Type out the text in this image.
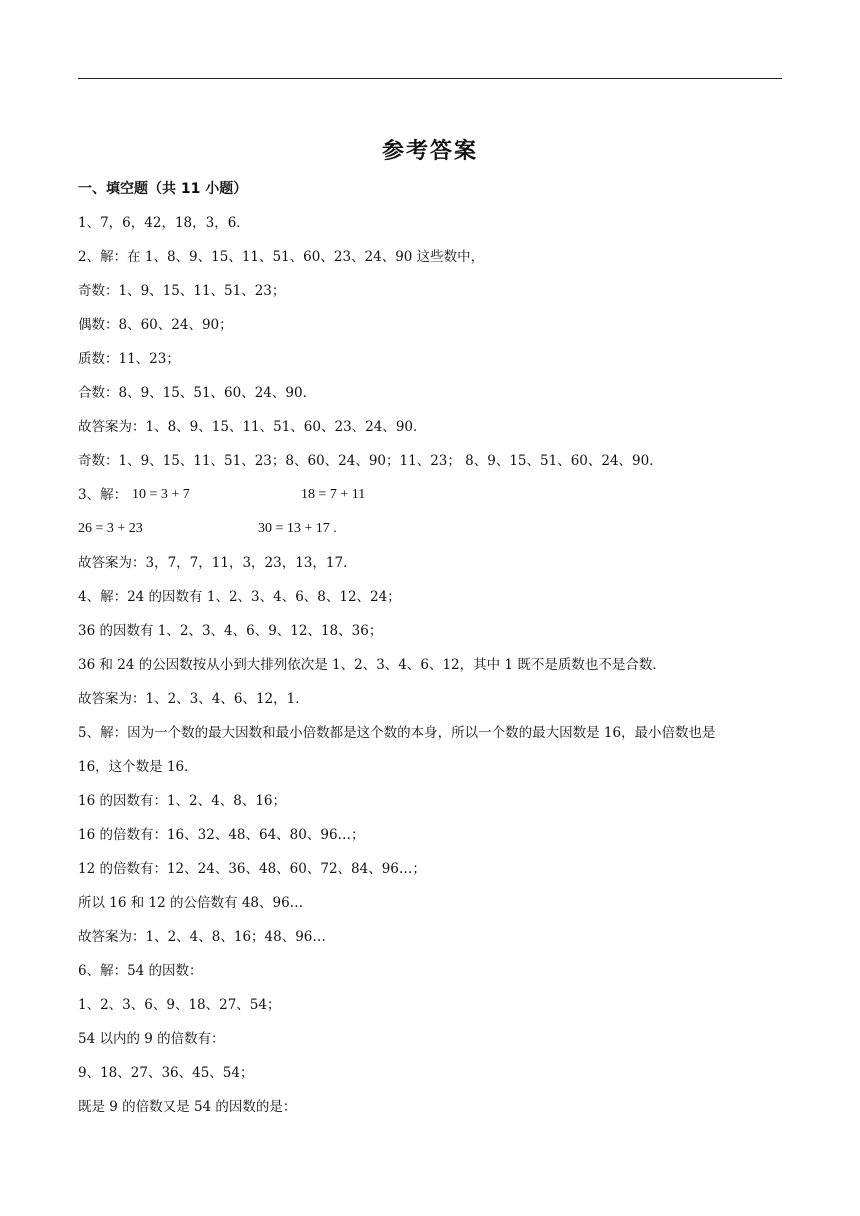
参考答案
一、填空题（共 11 小题）
1、7，6，42，18，3，6．
2、解：在 1、8、9、15、11、51、60、23、24、90 这些数中，
奇数：1、9、15、11、51、23；
偶数：8、60、24、90；
质数：11、23；
合数：8、9、15、51、60、24、90．
故答案为：1、8、9、15、11、51、60、23、24、90．
奇数：1、9、15、11、51、23；8、60、24、90；11、23； 8、9、15、51、60、24、90．
3、解： 10 = 3 + 7	18 = 7 + 11
26 = 3 + 23	30 = 13 + 17 .
故答案为：3，7，7，11，3，23，13，17．
4、解：24 的因数有 1、2、3、4、6、8、12、24；
36 的因数有 1、2、3、4、6、9、12、18、36；
36 和 24 的公因数按从小到大排列依次是 1、2、3、4、6、12，其中 1 既不是质数也不是合数．
故答案为：1、2、3、4、6、12，1．
5、解：因为一个数的最大因数和最小倍数都是这个数的本身，所以一个数的最大因数是 16，最小倍数也是
16，这个数是 16．
16 的因数有：1、2、4、8、16；
16 的倍数有：16、32、48、64、80、96…；
12 的倍数有：12、24、36、48、60、72、84、96…；
所以 16 和 12 的公倍数有 48、96…
故答案为：1、2、4、8、16；48、96…
6、解：54 的因数：
1、2、3、6、9、18、27、54；
54 以内的 9 的倍数有：
9、18、27、36、45、54；
既是 9 的倍数又是 54 的因数的是：
